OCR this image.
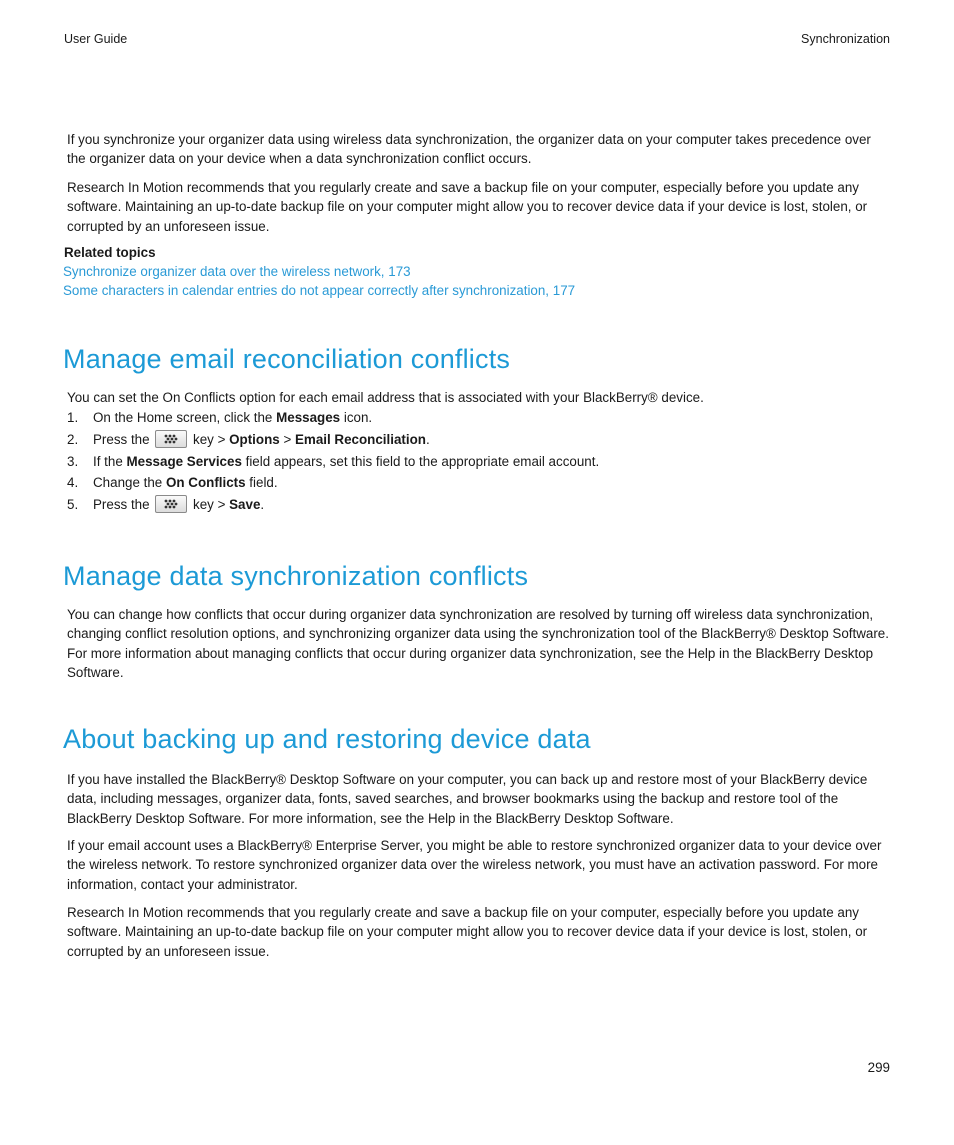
User Guide	Synchronization

If you synchronize your organizer data using wireless data synchronization, the organizer data on your computer takes precedence over the organizer data on your device when a data synchronization conflict occurs.

Research In Motion recommends that you regularly create and save a backup file on your computer, especially before you update any software. Maintaining an up-to-date backup file on your computer might allow you to recover device data if your device is lost, stolen, or corrupted by an unforeseen issue.

Related topics

Synchronize organizer data over the wireless network, 173
Some characters in calendar entries do not appear correctly after synchronization, 177
Manage email reconciliation conflicts

You can set the On Conflicts option for each email address that is associated with your BlackBerry® device.

1. On the Home screen, click the Messages icon.
2. Press the	key > Options > Email Reconciliation.
3. If the Message Services field appears, set this field to the appropriate email account.
4. Change the On Conflicts field.
5. Press the	key > Save.
Manage data synchronization conflicts

You can change how conflicts that occur during organizer data synchronization are resolved by turning off wireless data synchronization, changing conflict resolution options, and synchronizing organizer data using the synchronization tool of the BlackBerry® Desktop Software. For more information about managing conflicts that occur during organizer data synchronization, see the Help in the BlackBerry Desktop Software.

About backing up and restoring device data

If you have installed the BlackBerry® Desktop Software on your computer, you can back up and restore most of your BlackBerry device data, including messages, organizer data, fonts, saved searches, and browser bookmarks using the backup and restore tool of the BlackBerry Desktop Software. For more information, see the Help in the BlackBerry Desktop Software.

If your email account uses a BlackBerry® Enterprise Server, you might be able to restore synchronized organizer data to your device over the wireless network. To restore synchronized organizer data over the wireless network, you must have an activation password. For more information, contact your administrator.

Research In Motion recommends that you regularly create and save a backup file on your computer, especially before you update any software. Maintaining an up-to-date backup file on your computer might allow you to recover device data if your device is lost, stolen, or corrupted by an unforeseen issue.

299
